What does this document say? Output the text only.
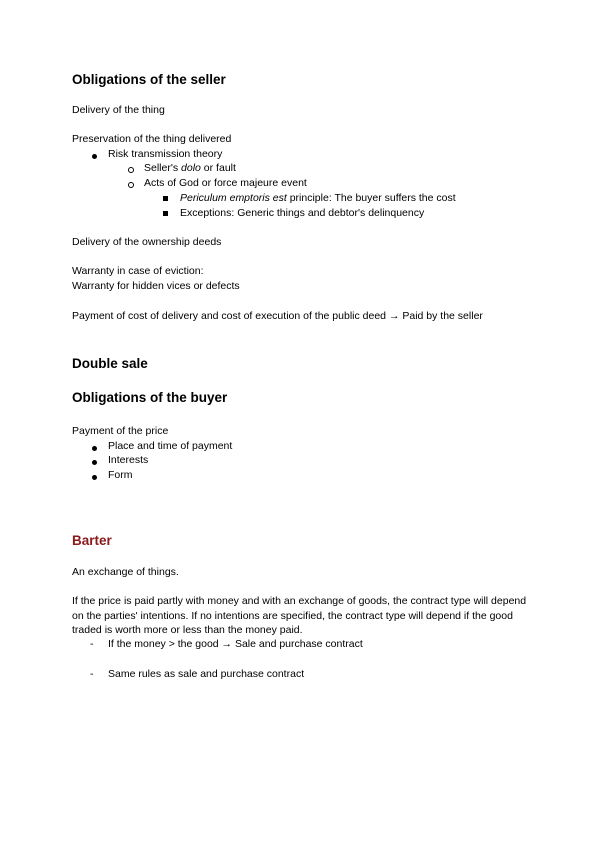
Obligations of the seller
Delivery of the thing
Preservation of the thing delivered
Risk transmission theory
Seller's dolo or fault
Acts of God or force majeure event
Periculum emptoris est principle: The buyer suffers the cost
Exceptions: Generic things and debtor's delinquency
Delivery of the ownership deeds
Warranty in case of eviction:
Warranty for hidden vices or defects
Payment of cost of delivery and cost of execution of the public deed → Paid by the seller
Double sale
Obligations of the buyer
Payment of the price
Place and time of payment
Interests
Form
Barter
An exchange of things.
If the price is paid partly with money and with an exchange of goods, the contract type will depend on the parties' intentions. If no intentions are specified, the contract type will depend if the good traded is worth more or less than the money paid.
- If the money > the good → Sale and purchase contract
- Same rules as sale and purchase contract
